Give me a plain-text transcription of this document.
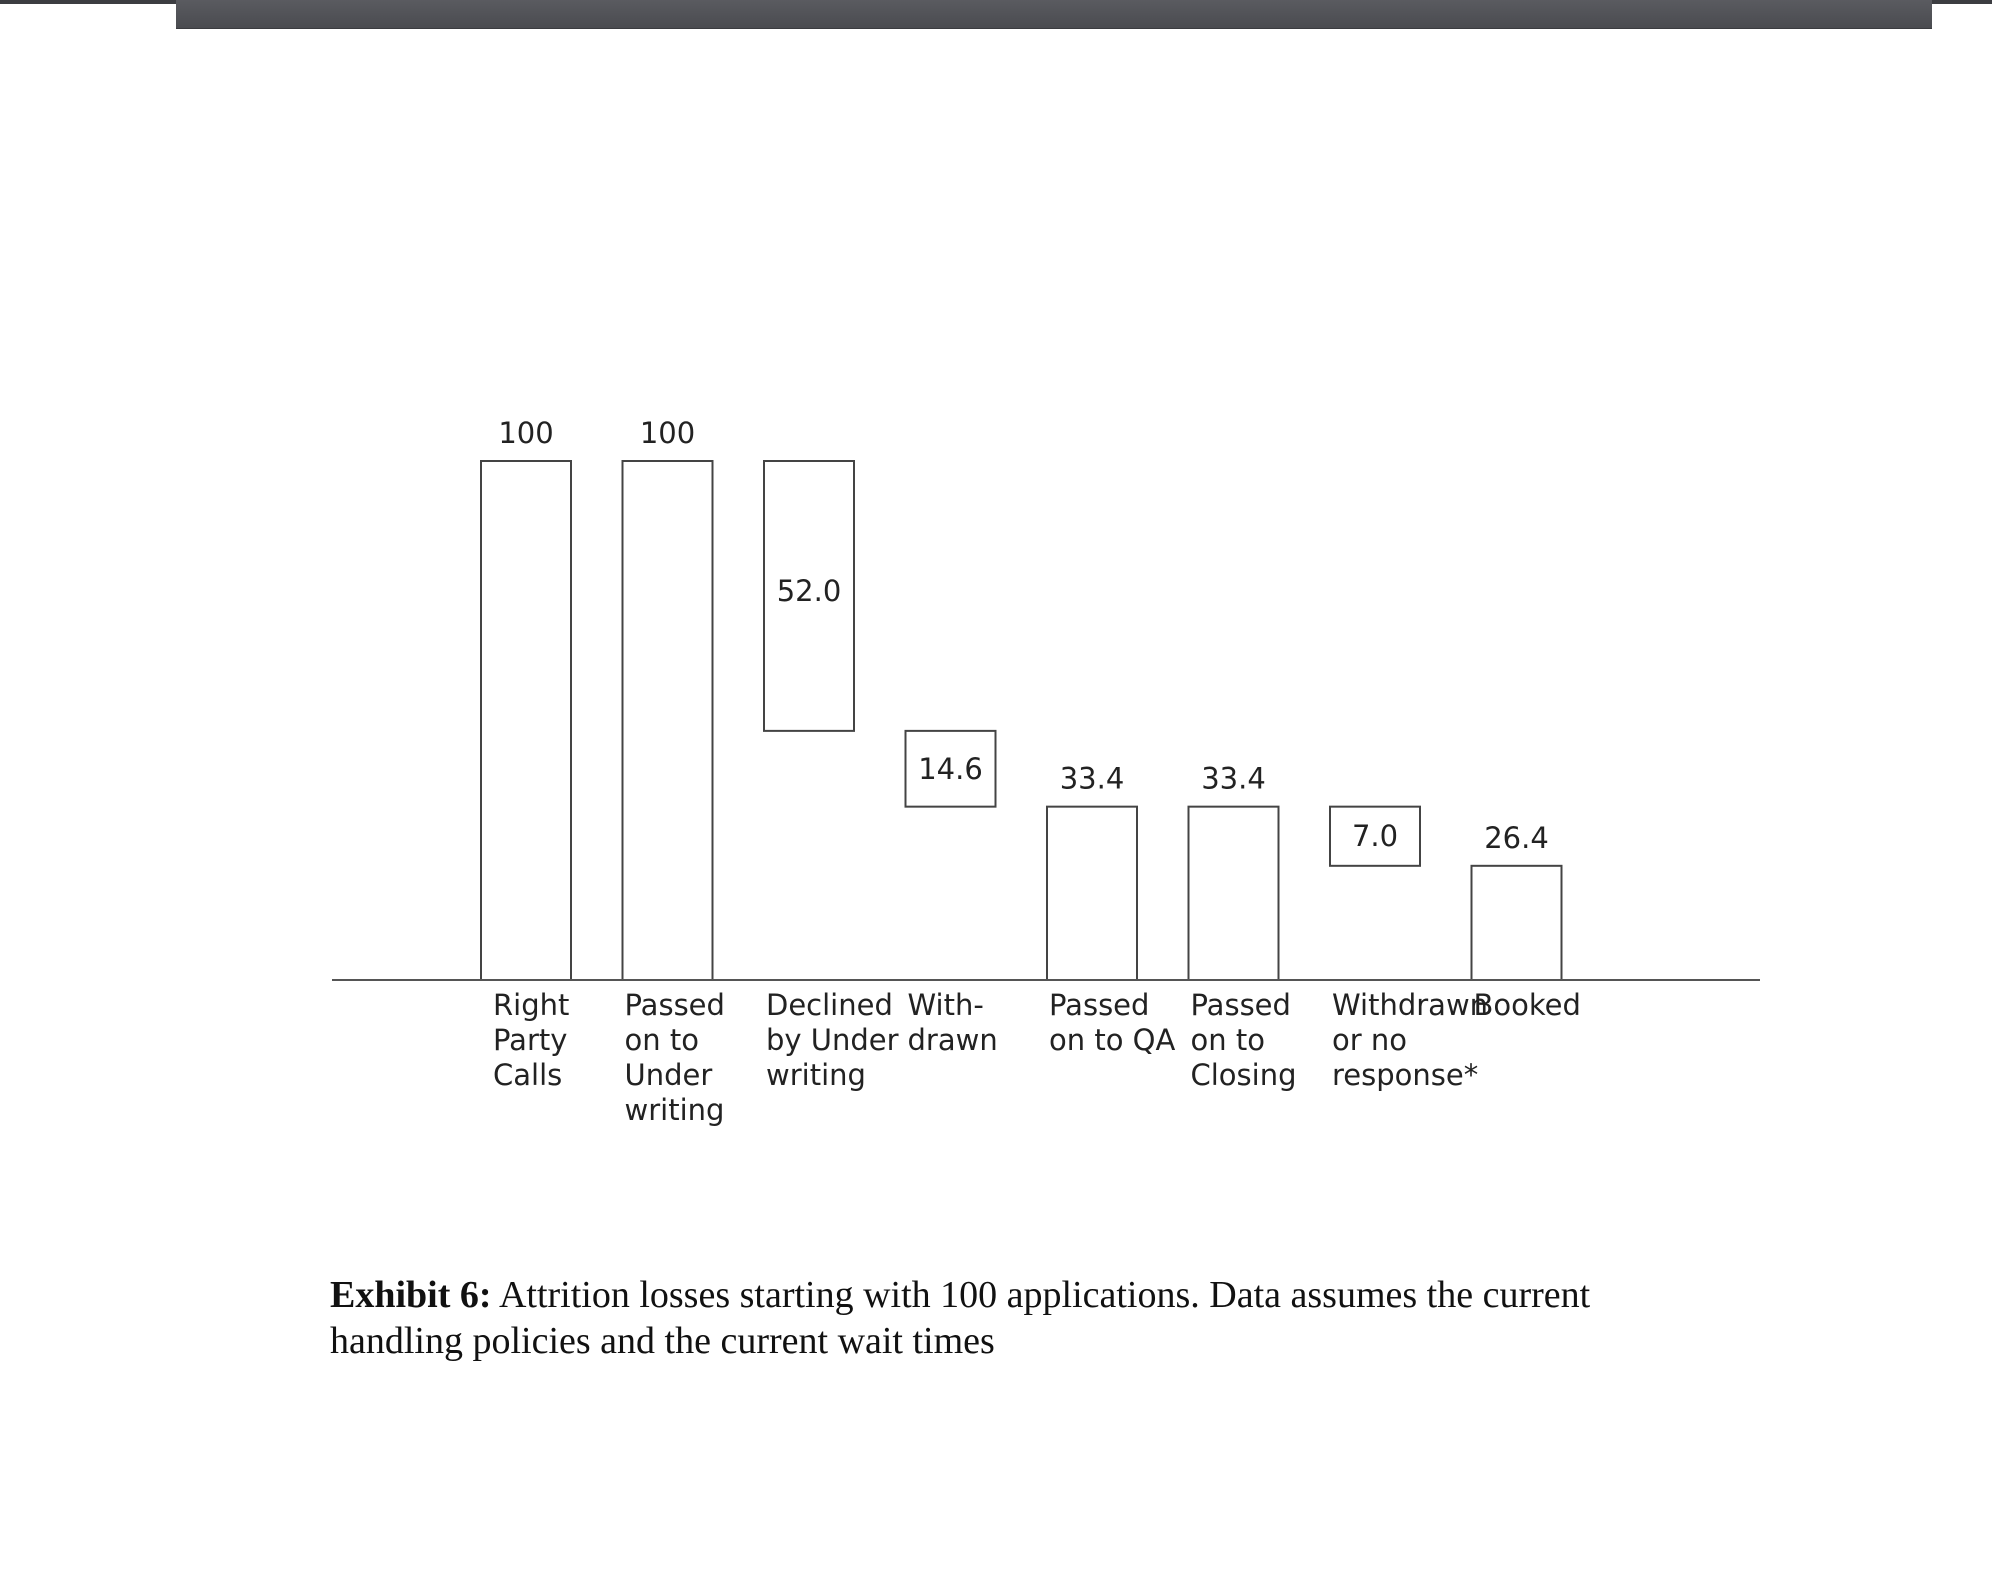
100
Right Party Calls
100
Passed on to Under writing
52.0
Declined by Under writing
14.6
With-drawn
33.4
Passed on to QA
33.4
Passed on to Closing
7.0
Withdrawn or no response*
26.4
Booked
Exhibit 6: Attrition losses starting with 100 applications. Data assumes the current handling policies and the current wait times
